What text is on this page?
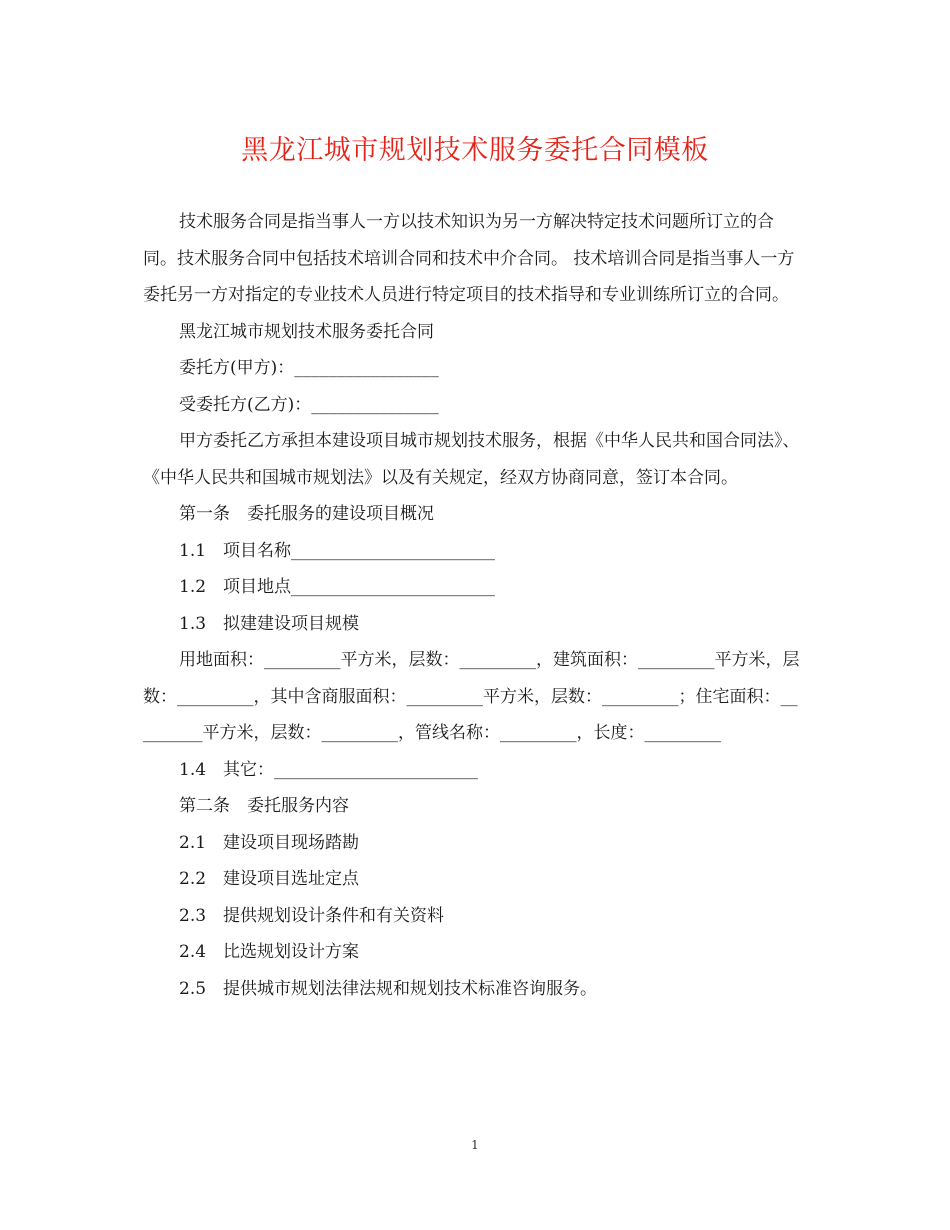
黑龙江城市规划技术服务委托合同模板

技术服务合同是指当事人一方以技术知识为另一方解决特定技术问题所订立的合同。技术服务合同中包括技术培训合同和技术中介合同。 技术培训合同是指当事人一方委托另一方对指定的专业技术人员进行特定项目的技术指导和专业训练所订立的合同。

黑龙江城市规划技术服务委托合同

委托方(甲方)：_________________

受委托方(乙方)：_______________

甲方委托乙方承担本建设项目城市规划技术服务，根据《中华人民共和国合同法》、《中华人民共和国城市规划法》以及有关规定，经双方协商同意，签订本合同。

第一条　委托服务的建设项目概况

1.1　项目名称________________________

1.2　项目地点________________________

1.3　拟建建设项目规模

用地面积：_________平方米，层数：_________，建筑面积：_________平方米，层数：_________，其中含商服面积：_________平方米，层数：_________；住宅面积：_________平方米，层数：_________，管线名称：_________，长度：_________

1.4　其它：________________________

第二条　委托服务内容

2.1　建设项目现场踏勘

2.2　建设项目选址定点

2.3　提供规划设计条件和有关资料

2.4　比选规划设计方案

2.5　提供城市规划法律法规和规划技术标准咨询服务。

1
